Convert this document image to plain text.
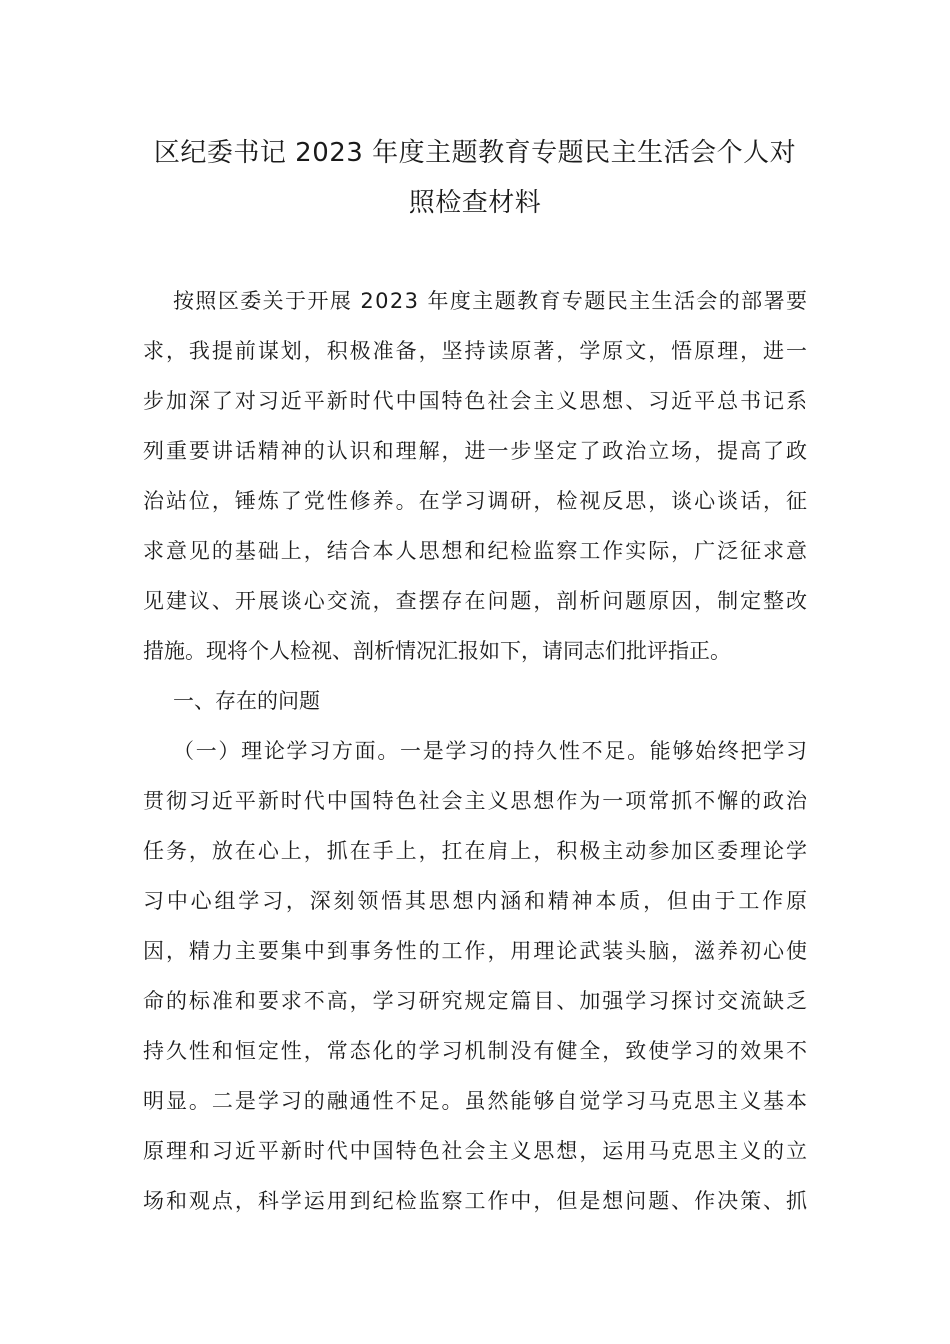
区纪委书记 2023 年度主题教育专题民主生活会个人对
照检查材料
按照区委关于开展 2023 年度主题教育专题民主生活会的部署要
求，我提前谋划，积极准备，坚持读原著，学原文，悟原理，进一
步加深了对习近平新时代中国特色社会主义思想、习近平总书记系
列重要讲话精神的认识和理解，进一步坚定了政治立场，提高了政
治站位，锤炼了党性修养。在学习调研，检视反思，谈心谈话，征
求意见的基础上，结合本人思想和纪检监察工作实际，广泛征求意
见建议、开展谈心交流，查摆存在问题，剖析问题原因，制定整改
措施。现将个人检视、剖析情况汇报如下，请同志们批评指正。
一、存在的问题
（一）理论学习方面。一是学习的持久性不足。能够始终把学习
贯彻习近平新时代中国特色社会主义思想作为一项常抓不懈的政治
任务，放在心上，抓在手上，扛在肩上，积极主动参加区委理论学
习中心组学习，深刻领悟其思想内涵和精神本质，但由于工作原
因，精力主要集中到事务性的工作，用理论武装头脑，滋养初心使
命的标准和要求不高，学习研究规定篇目、加强学习探讨交流缺乏
持久性和恒定性，常态化的学习机制没有健全，致使学习的效果不
明显。二是学习的融通性不足。虽然能够自觉学习马克思主义基本
原理和习近平新时代中国特色社会主义思想，运用马克思主义的立
场和观点，科学运用到纪检监察工作中，但是想问题、作决策、抓
